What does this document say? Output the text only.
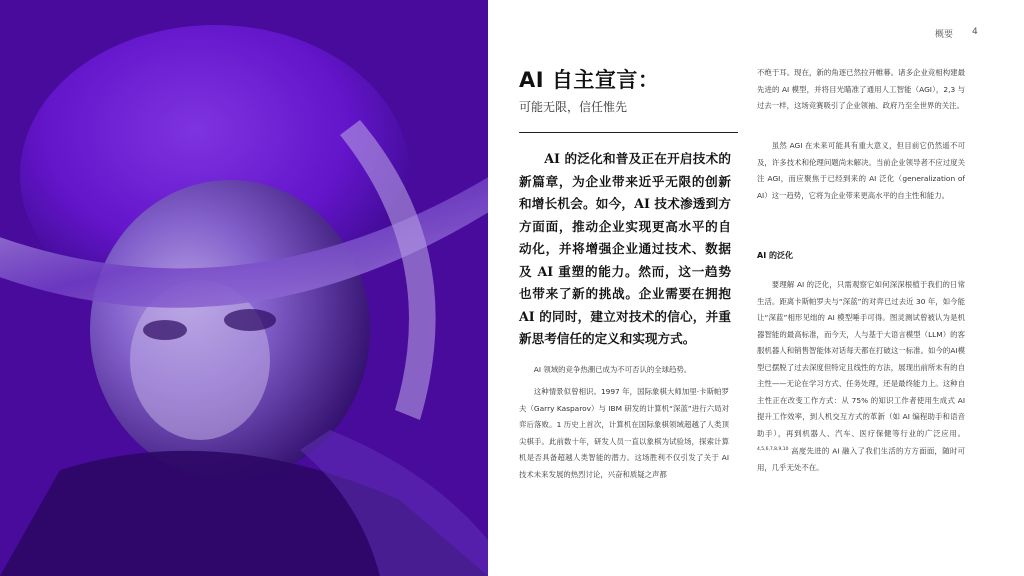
概要 4
AI 自主宣言：
可能无限，信任惟先

AI 的泛化和普及正在开启技术的新篇章，为企业带来近乎无限的创新和增长机会。如今，AI 技术渗透到方方面面，推动企业实现更高水平的自动化，并将增强企业通过技术、数据及 AI 重塑的能力。然而，这一趋势也带来了新的挑战。企业需要在拥抱 AI 的同时，建立对技术的信心，并重新思考信任的定义和实现方式。

AI 领域的竞争热潮已成为不可否认的全球趋势。

这种情景似曾相识。1997 年，国际象棋大师加里·卡斯帕罗夫（Garry Kasparov）与 IBM 研发的计算机“深蓝”进行六局对弈后落败。1 历史上首次，计算机在国际象棋领域超越了人类顶尖棋手。此前数十年，研发人员一直以象棋为试验场，探索计算机是否具备超越人类智能的潜力。这场胜利不仅引发了关于 AI 技术未来发展的热烈讨论，兴奋和质疑之声都

不绝于耳。现在，新的角逐已然拉开帷幕。诸多企业竞相构建最先进的 AI 模型，并将目光瞄准了通用人工智能（AGI），2,3 与过去一样，这场竞赛吸引了企业领袖、政府乃至全世界的关注。

虽然 AGI 在未来可能具有重大意义，但目前它仍然遥不可及，许多技术和伦理问题尚未解决。当前企业领导者不应过度关注 AGI，而应聚焦于已经到来的 AI 泛化（generalization of AI）这一趋势，它将为企业带来更高水平的自主性和能力。

AI 的泛化

要理解 AI 的泛化，只需观察它如何深深根植于我们的日常生活。距离卡斯帕罗夫与“深蓝”的对弈已过去近 30 年，如今能让“深蓝”相形见绌的 AI 模型唾手可得。图灵测试曾被认为是机器智能的最高标准，而今天，人与基于大语言模型（LLM）的客服机器人和销售智能体对话每天都在打破这一标准。如今的AI模型已摆脱了过去深度但特定且线性的方法，展现出前所未有的自主性——无论在学习方式、任务处理，还是最终能力上。这种自主性正在改变工作方式：从 75% 的知识工作者使用生成式 AI 提升工作效率，到人机交互方式的革新（如 AI 编程助手和语音助手），再到机器人、汽车、医疗保健等行业的广泛应用。$^{4,5,6,7,8,9,10}$ 高度先进的 AI 融入了我们生活的方方面面，随时可用，几乎无处不在。
